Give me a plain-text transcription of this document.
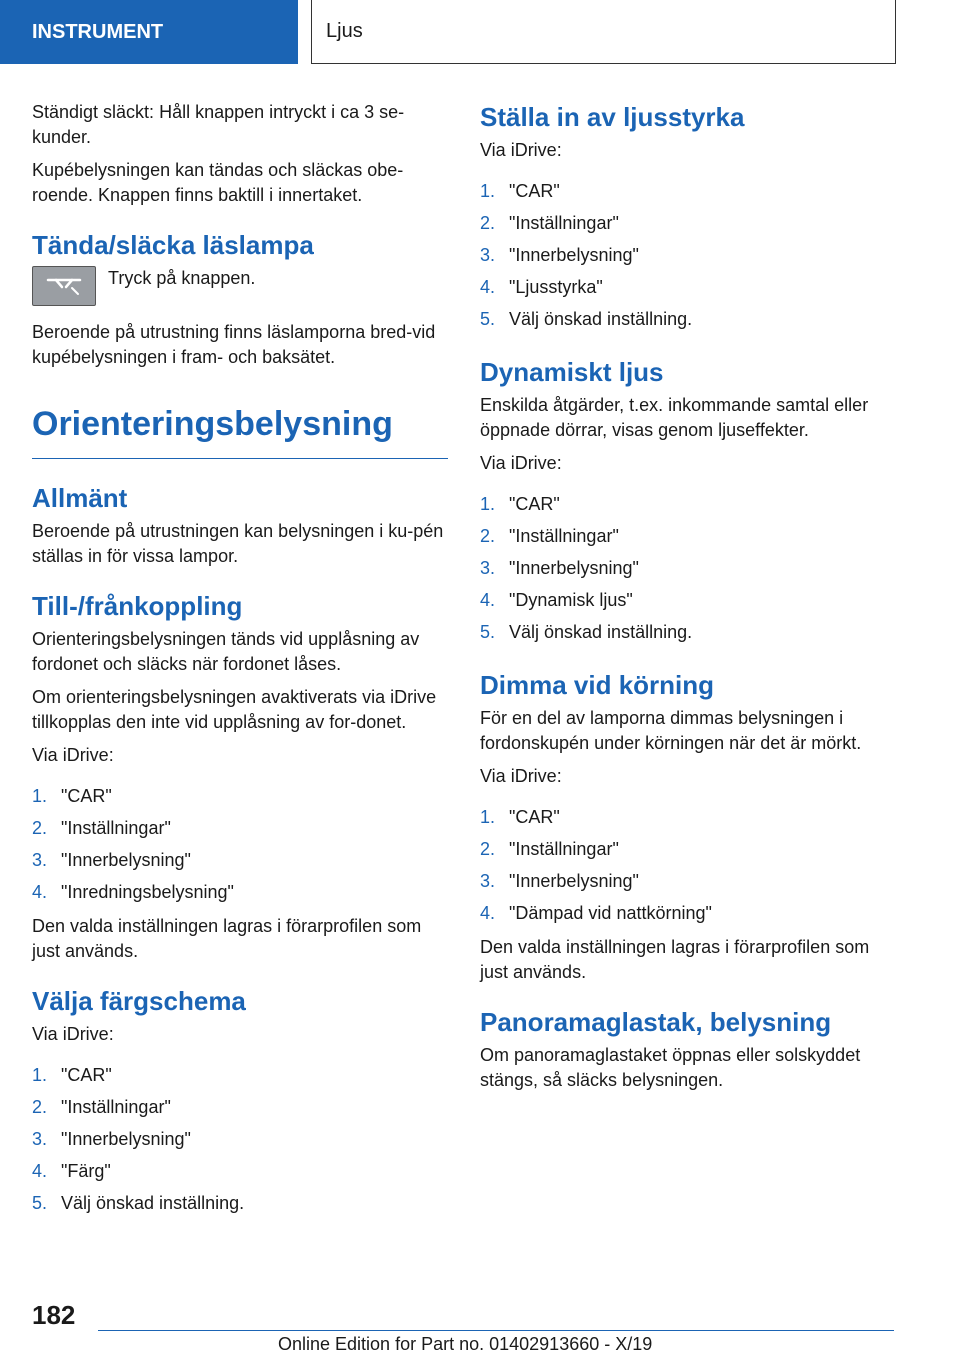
INSTRUMENT	Ljus

Ständigt släckt: Håll knappen intryckt i ca 3 se-kunder.

Kupébelysningen kan tändas och släckas obe-roende. Knappen finns baktill i innertaket.

Tända/släcka läslampa

Tryck på knappen.

Beroende på utrustning finns läslamporna bred-vid kupébelysningen i fram- och baksätet.

Orienteringsbelysning
Allmänt

Beroende på utrustningen kan belysningen i ku-pén ställas in för vissa lampor.

Till-/frånkoppling

Orienteringsbelysningen tänds vid upplåsning av fordonet och släcks när fordonet låses.

Om orienteringsbelysningen avaktiverats via iDrive tillkopplas den inte vid upplåsning av for-donet.

Via iDrive:

1. "CAR"
2. "Inställningar"
3. "Innerbelysning"
4. "Inredningsbelysning"

Den valda inställningen lagras i förarprofilen som just används.

Välja färgschema

Via iDrive:

1. "CAR"
2. "Inställningar"
3. "Innerbelysning"
4. "Färg"
5. Välj önskad inställning.
Ställa in av ljusstyrka

Via iDrive:

1. "CAR"
2. "Inställningar"
3. "Innerbelysning"
4. "Ljusstyrka"
5. Välj önskad inställning.
Dynamiskt ljus

Enskilda åtgärder, t.ex. inkommande samtal eller öppnade dörrar, visas genom ljuseffekter.

Via iDrive:

1. "CAR"
2. "Inställningar"
3. "Innerbelysning"
4. "Dynamisk ljus"
5. Välj önskad inställning.
Dimma vid körning

För en del av lamporna dimmas belysningen i fordonskupén under körningen när det är mörkt.

Via iDrive:

1. "CAR"
2. "Inställningar"
3. "Innerbelysning"
4. "Dämpad vid nattkörning"

Den valda inställningen lagras i förarprofilen som just används.

Panoramaglastak, belysning

Om panoramaglastaket öppnas eller solskyddet stängs, så släcks belysningen.

182
Online Edition for Part no. 01402913660 - X/19
